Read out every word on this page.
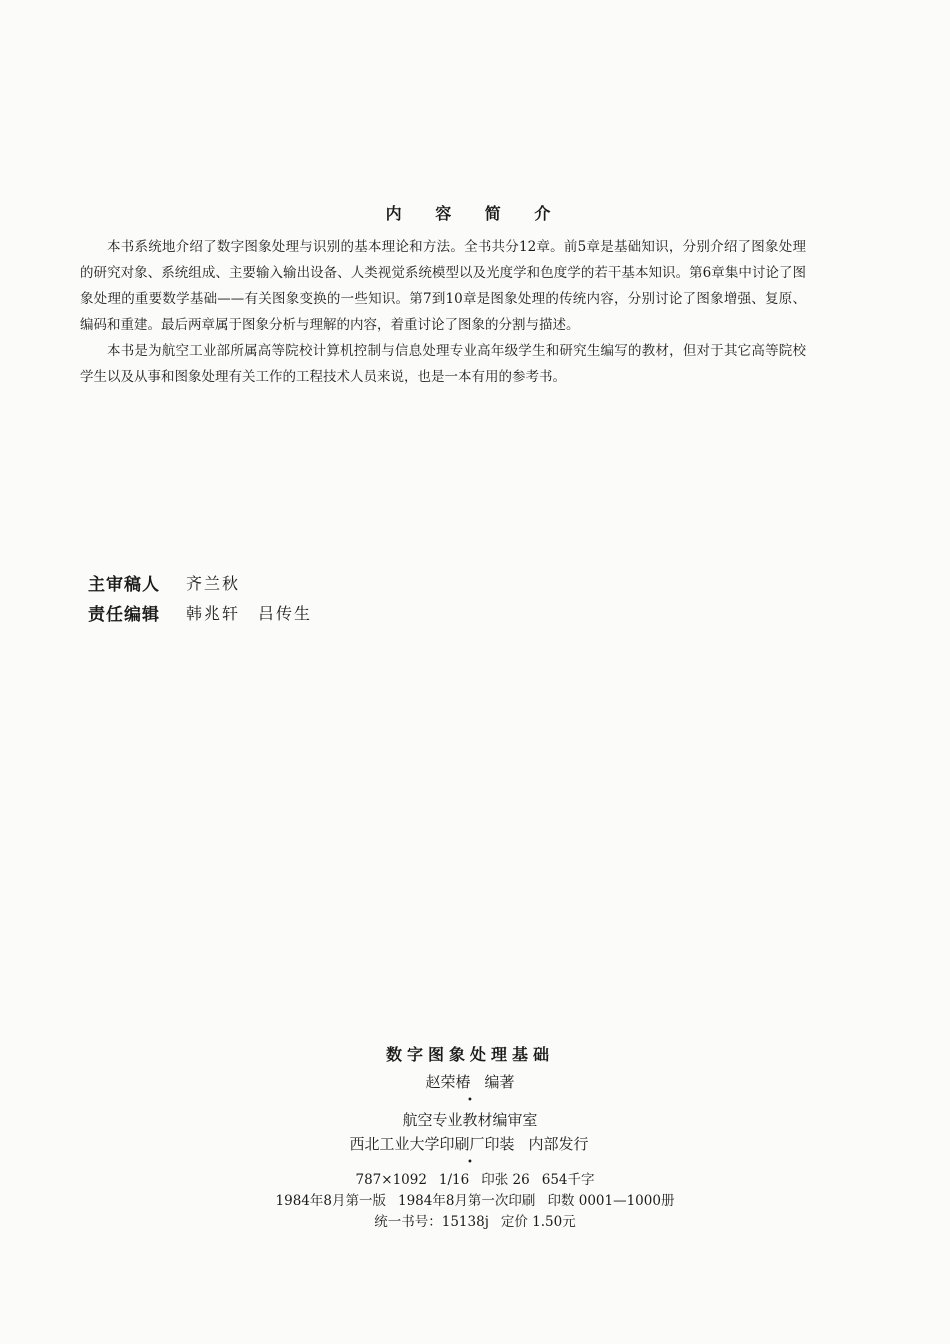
内 容 简 介

本书系统地介绍了数字图象处理与识别的基本理论和方法。全书共分12章。前5章是基础知识，分别介绍了图象处理的研究对象、系统组成、主要输入输出设备、人类视觉系统模型以及光度学和色度学的若干基本知识。第6章集中讨论了图象处理的重要数学基础——有关图象变换的一些知识。第7到10章是图象处理的传统内容，分别讨论了图象增强、复原、编码和重建。最后两章属于图象分析与理解的内容，着重讨论了图象的分割与描述。

本书是为航空工业部所属高等院校计算机控制与信息处理专业高年级学生和研究生编写的教材，但对于其它高等院校学生以及从事和图象处理有关工作的工程技术人员来说，也是一本有用的参考书。

主审稿人	齐兰秋
责任编辑	韩兆轩　吕传生
数字图象处理基础
赵荣椿 编著
•
航空专业教材编审室
西北工业大学印刷厂印装 内部发行
•
787×1092 1/16 印张 26 654千字
1984年8月第一版 1984年8月第一次印刷 印数 0001—1000册
统一书号：15138j 定价 1.50元
